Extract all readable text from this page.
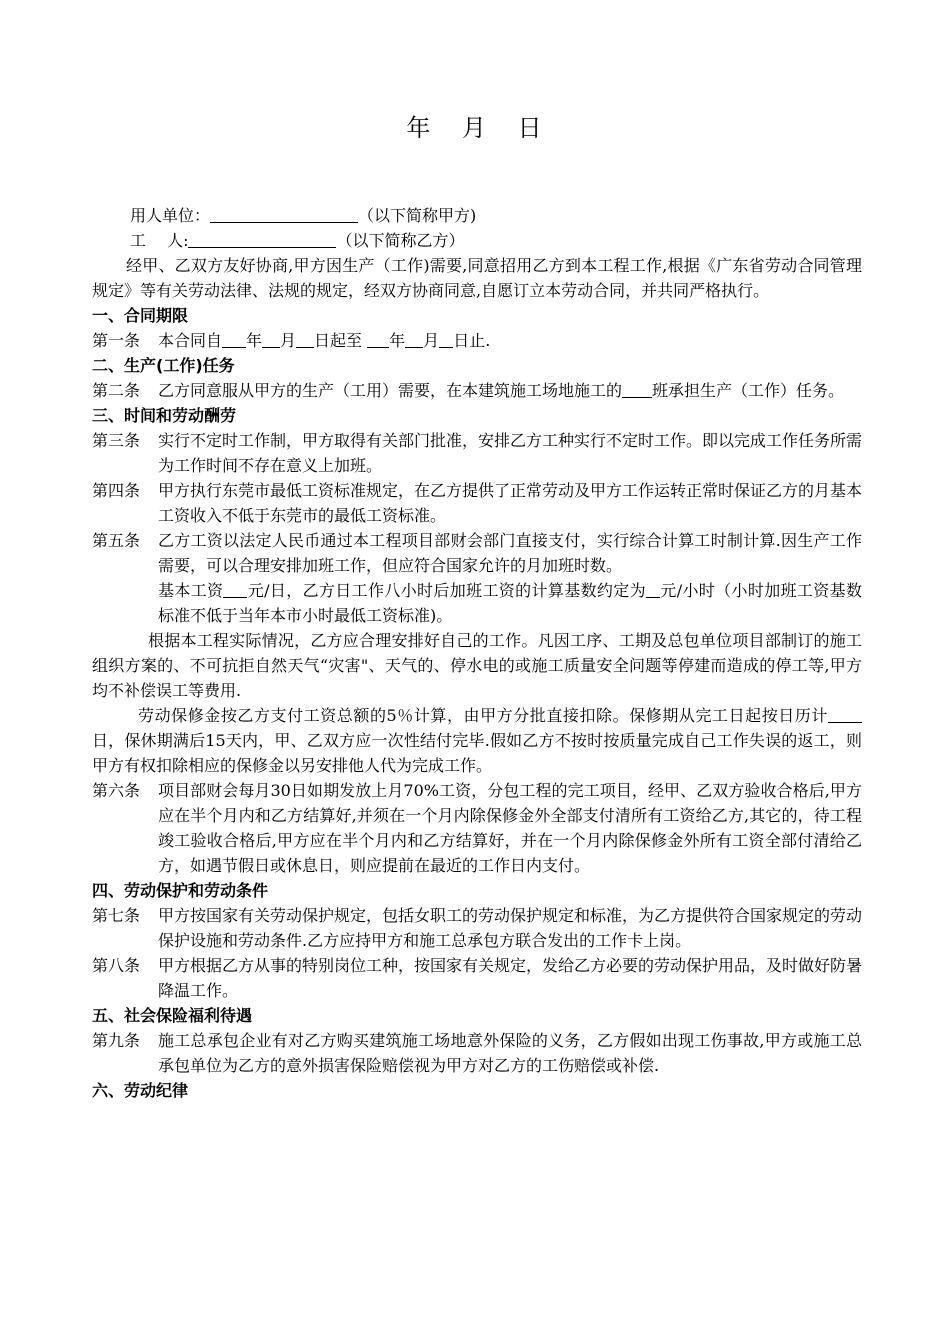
年 月 日
用人单位：	（以下简称甲方)
工　 人:	（以下简称乙方）
经甲、乙双方友好协商,甲方因生产（工作)需要,同意招用乙方到本工程工作,根据《广东省劳动合同管理规定》等有关劳动法律、法规的规定，经双方协商同意,自愿订立本劳动合同，并共同严格执行。
一、合同期限
第一条	本合同自 年 月 日起至 年 月 日止.
二、生产(工作)任务
第二条 乙方同意服从甲方的生产（工用）需要，在本建筑施工场地施工的 班承担生产（工作）任务。
三、时间和劳动酬劳
第三条	实行不定时工作制，甲方取得有关部门批准，安排乙方工种实行不定时工作。即以完成工作任务所需为工作时间不存在意义上加班。
第四条	甲方执行东莞市最低工资标准规定，在乙方提供了正常劳动及甲方工作运转正常时保证乙方的月基本工资收入不低于东莞市的最低工资标准。
第五条	乙方工资以法定人民币通过本工程项目部财会部门直接支付，实行综合计算工时制计算.因生产工作需要，可以合理安排加班工作，但应符合国家允许的月加班时数。
基本工资 元/日，乙方日工作八小时后加班工资的计算基数约定为 元/小时（小时加班工资基数标准不低于当年本市小时最低工资标准)。
根据本工程实际情况，乙方应合理安排好自己的工作。凡因工序、工期及总包单位项目部制订的施工组织方案的、不可抗拒自然天气“灾害"、天气的、停水电的或施工质量安全问题等停建而造成的停工等,甲方均不补偿误工等费用.
劳动保修金按乙方支付工资总额的5％计算，由甲方分批直接扣除。保修期从完工日起按日历计日，保休期满后15天内，甲、乙双方应一次性结付完毕.假如乙方不按时按质量完成自己工作失误的返工，则甲方有权扣除相应的保修金以另安排他人代为完成工作。
第六条	项目部财会每月30日如期发放上月70%工资，分包工程的完工项目，经甲、乙双方验收合格后,甲方应在半个月内和乙方结算好,并须在一个月内除保修金外全部支付清所有工资给乙方,其它的，待工程竣工验收合格后,甲方应在半个月内和乙方结算好，并在一个月内除保修金外所有工资全部付清给乙方，如遇节假日或休息日，则应提前在最近的工作日内支付。
四、劳动保护和劳动条件
第七条	甲方按国家有关劳动保护规定，包括女职工的劳动保护规定和标准，为乙方提供符合国家规定的劳动保护设施和劳动条件.乙方应持甲方和施工总承包方联合发出的工作卡上岗。
第八条	甲方根据乙方从事的特别岗位工种，按国家有关规定，发给乙方必要的劳动保护用品，及时做好防暑降温工作。
五、社会保险福利待遇
第九条	施工总承包企业有对乙方购买建筑施工场地意外保险的义务，乙方假如出现工伤事故,甲方或施工总承包单位为乙方的意外损害保险赔偿视为甲方对乙方的工伤赔偿或补偿.
六、劳动纪律
